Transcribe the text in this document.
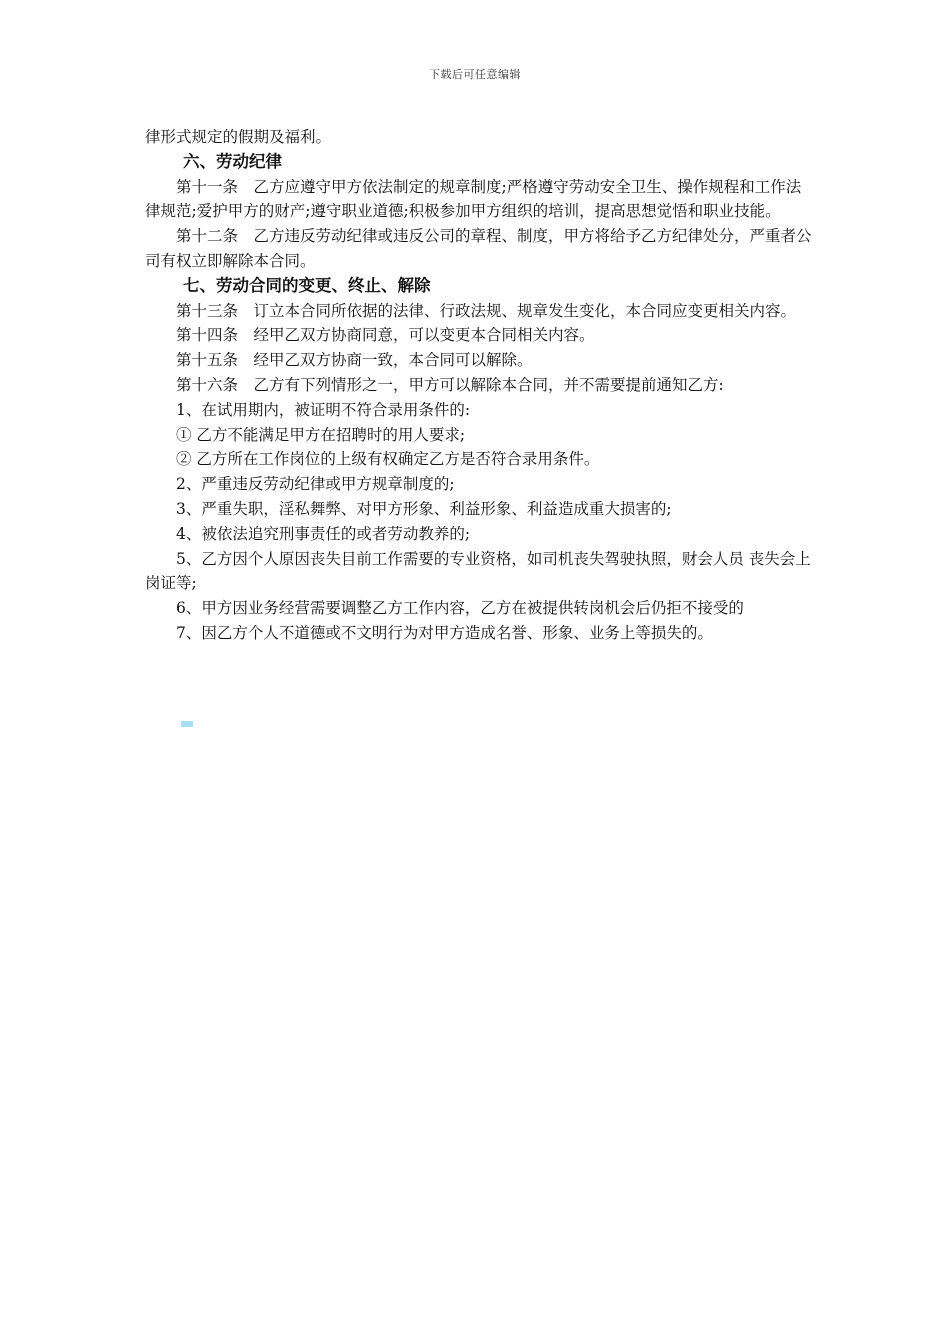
下载后可任意编辑

律形式规定的假期及福利。

六、劳动纪律

第十一条　乙方应遵守甲方依法制定的规章制度;严格遵守劳动安全卫生、操作规程和工作法律规范;爱护甲方的财产;遵守职业道德;积极参加甲方组织的培训，提高思想觉悟和职业技能。

第十二条　乙方违反劳动纪律或违反公司的章程、制度，甲方将给予乙方纪律处分，严重者公司有权立即解除本合同。

七、劳动合同的变更、终止、解除

第十三条　订立本合同所依据的法律、行政法规、规章发生变化，本合同应变更相关内容。

第十四条　经甲乙双方协商同意，可以变更本合同相关内容。

第十五条　经甲乙双方协商一致，本合同可以解除。

第十六条　乙方有下列情形之一，甲方可以解除本合同，并不需要提前通知乙方:

1、在试用期内，被证明不符合录用条件的:

① 乙方不能满足甲方在招聘时的用人要求;

② 乙方所在工作岗位的上级有权确定乙方是否符合录用条件。

2、严重违反劳动纪律或甲方规章制度的;

3、严重失职，淫私舞弊、对甲方形象、利益形象、利益造成重大损害的;

4、被依法追究刑事责任的或者劳动教养的;

5、乙方因个人原因丧失目前工作需要的专业资格，如司机丧失驾驶执照，财会人员 丧失会上岗证等;

6、甲方因业务经营需要调整乙方工作内容，乙方在被提供转岗机会后仍拒不接受的

7、因乙方个人不道德或不文明行为对甲方造成名誉、形象、业务上等损失的。
